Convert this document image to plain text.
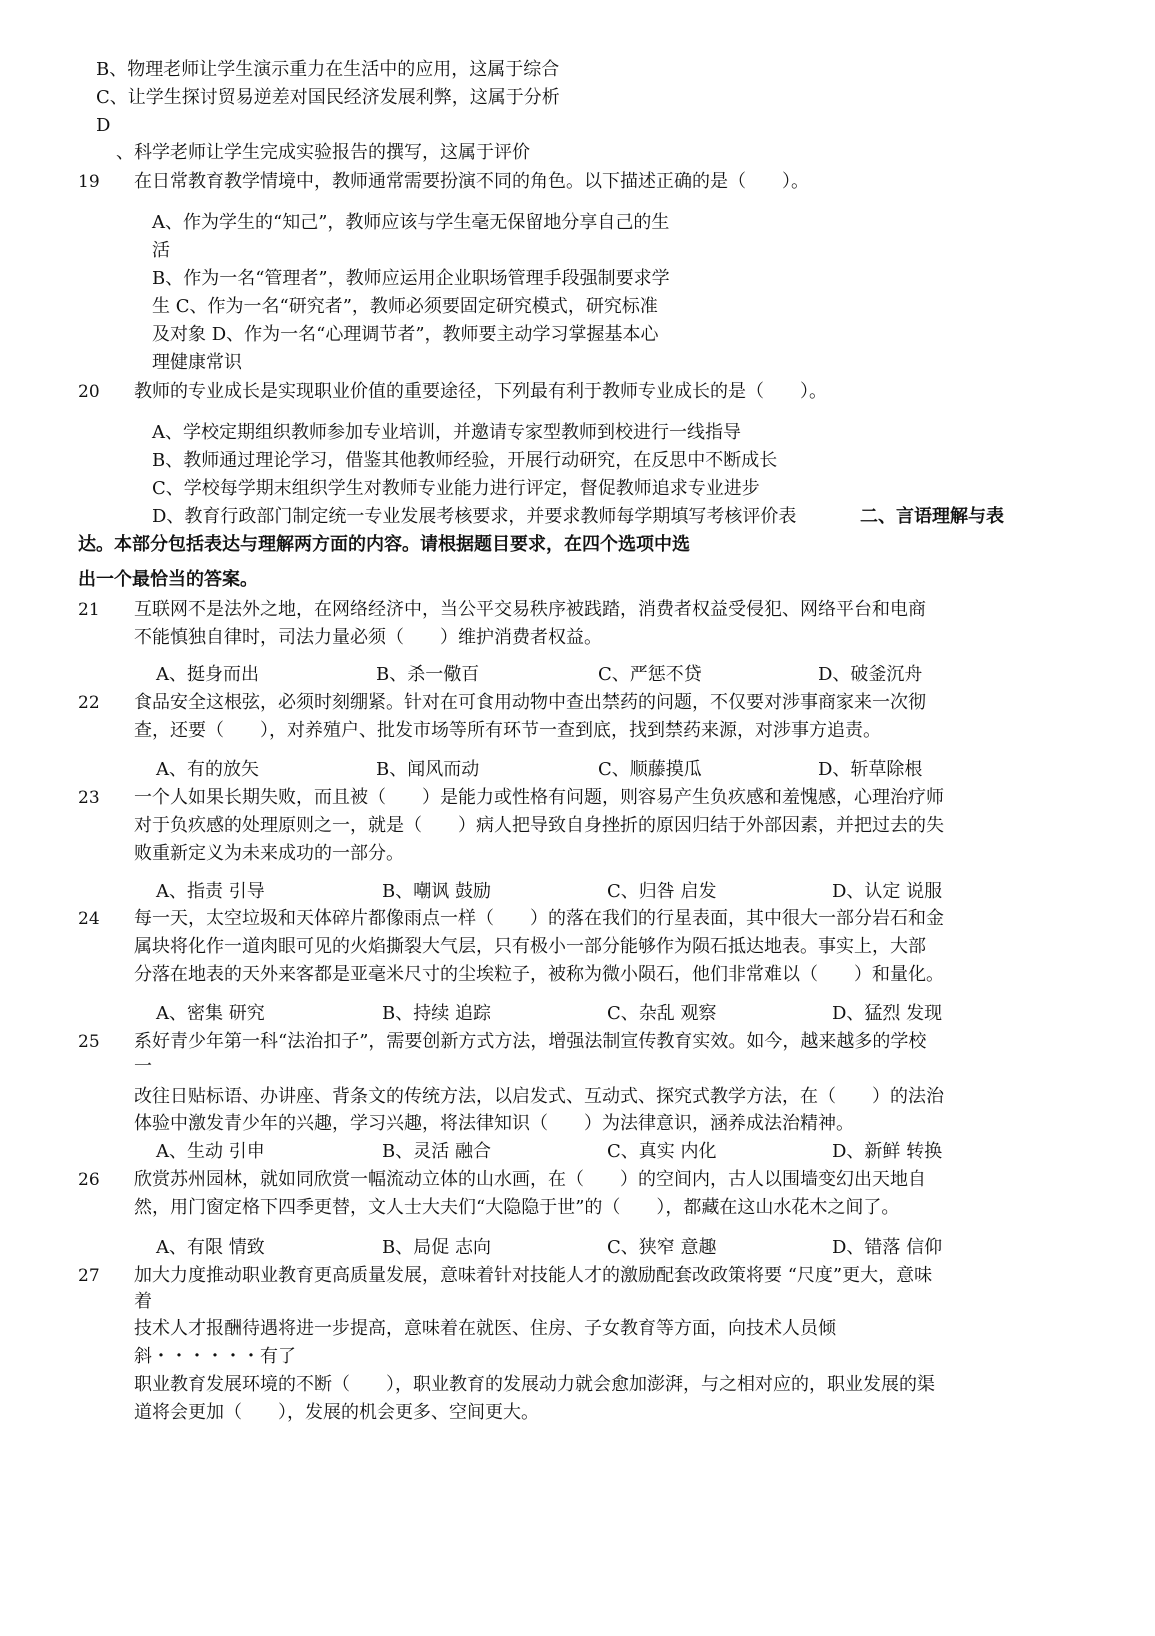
B、物理老师让学生演示重力在生活中的应用，这属于综合
C、让学生探讨贸易逆差对国民经济发展利弊，这属于分析
D
、科学老师让学生完成实验报告的撰写，这属于评价
19 在日常教育教学情境中，教师通常需要扮演不同的角色。以下描述正确的是（　　）。
A、作为学生的“知己”，教师应该与学生毫无保留地分享自己的生
活
B、作为一名“管理者”，教师应运用企业职场管理手段强制要求学
生 C、作为一名“研究者”，教师必须要固定研究模式，研究标准
及对象 D、作为一名“心理调节者”，教师要主动学习掌握基本心
理健康常识
20 教师的专业成长是实现职业价值的重要途径，下列最有利于教师专业成长的是（　　）。
A、学校定期组织教师参加专业培训，并邀请专家型教师到校进行一线指导
B、教师通过理论学习，借鉴其他教师经验，开展行动研究，在反思中不断成长
C、学校每学期末组织学生对教师专业能力进行评定，督促教师追求专业进步
D、教育行政部门制定统一专业发展考核要求，并要求教师每学期填写考核评价表	二、言语理解与表
达。本部分包括表达与理解两方面的内容。请根据题目要求，在四个选项中选
出一个最恰当的答案。
21 互联网不是法外之地，在网络经济中，当公平交易秩序被践踏，消费者权益受侵犯、网络平台和电商
不能慎独自律时，司法力量必须（　　）维护消费者权益。
A、挺身而出	B、杀一儆百	C、严惩不贷	D、破釜沉舟
22 食品安全这根弦，必须时刻绷紧。针对在可食用动物中查出禁药的问题，不仅要对涉事商家来一次彻
查，还要（　　），对养殖户、批发市场等所有环节一查到底，找到禁药来源，对涉事方追责。
A、有的放矢	B、闻风而动	C、顺藤摸瓜	D、斩草除根
23 一个人如果长期失败，而且被（　　）是能力或性格有问题，则容易产生负疚感和羞愧感，心理治疗师
对于负疚感的处理原则之一，就是（　　）病人把导致自身挫折的原因归结于外部因素，并把过去的失
败重新定义为未来成功的一部分。
A、指责 引导	B、嘲讽 鼓励	C、归咎 启发	D、认定 说服
24 每一天，太空垃圾和天体碎片都像雨点一样（　　）的落在我们的行星表面，其中很大一部分岩石和金
属块将化作一道肉眼可见的火焰撕裂大气层，只有极小一部分能够作为陨石抵达地表。事实上，大部
分落在地表的天外来客都是亚毫米尺寸的尘埃粒子，被称为微小陨石，他们非常难以（　　）和量化。
A、密集 研究	B、持续 追踪	C、杂乱 观察	D、猛烈 发现
25 系好青少年第一科“法治扣子”，需要创新方式方法，增强法制宣传教育实效。如今，越来越多的学校
一
改往日贴标语、办讲座、背条文的传统方法，以启发式、互动式、探究式教学方法，在（　　）的法治
体验中激发青少年的兴趣，学习兴趣，将法律知识（　　）为法律意识，涵养成法治精神。
A、生动 引申	B、灵活 融合	C、真实 内化	D、新鲜 转换
26 欣赏苏州园林，就如同欣赏一幅流动立体的山水画，在（　　）的空间内，古人以围墙变幻出天地自
然，用门窗定格下四季更替，文人士大夫们“大隐隐于世”的（　　），都藏在这山水花木之间了。
A、有限 情致	B、局促 志向	C、狭窄 意趣	D、错落 信仰
27 加大力度推动职业教育更高质量发展，意味着针对技能人才的激励配套改政策将要 “尺度”更大，意味
着
技术人才报酬待遇将进一步提高，意味着在就医、住房、子女教育等方面，向技术人员倾
斜・・・・・・有了
职业教育发展环境的不断（　　），职业教育的发展动力就会愈加澎湃，与之相对应的，职业发展的渠
道将会更加（　　），发展的机会更多、空间更大。
